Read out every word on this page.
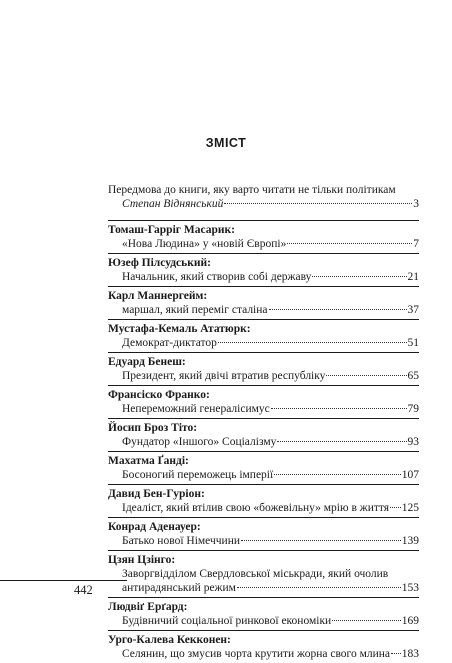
ЗМІСТ
Передмова до книги, яку варто читати не тільки політикам
Степан Віднянський	3
Томаш-Гарріг Масарик:
«Нова Людина» у «новій Європі»	7
Юзеф Пілсудський:
Начальник, який створив собі державу	21
Карл Маннергейм:
маршал, який переміг сталіна	37
Мустафа-Кемаль Ататюрк:
Демократ-диктатор	51
Едуард Бенеш:
Президент, який двічі втратив республіку	65
Франсіско Франко:
Непереможний генералісимус	79
Йосип Броз Тіто:
Фундатор «Іншого» Соціалізму	93
Махатма Ґанді:
Босоногий переможець імперії	107
Давид Бен-Гуріон:
Ідеаліст, який втілив свою «божевільну» мрію в життя 125
Конрад Аденауер:
Батько нової Німеччини	139
Цзян Цзінго:
Заворгвідділом Свердловської міськради, який очолив
антирадянський режим	153
Людвіґ Ерґард:
Будівничий соціальної ринкової економіки	169
Урго-Калева Кекконен:
Селянин, що змусив чорта крутити жорна свого млина 183
442
